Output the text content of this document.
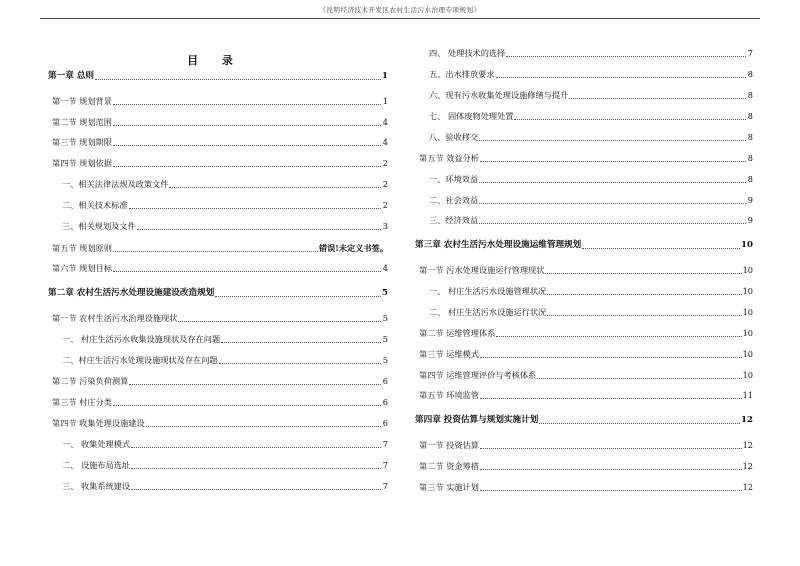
《昆明经济技术开发区农村生活污水治理专项规划》
目 录
第一章 总则	1
第一节 规划背景	1
第二节 规划范围	4
第三节 规划期限	4
第四节 规划依据	2
一、相关法律法规及政策文件	2
二、相关技术标准	2
三、相关规划及文件	3
第五节 规划原则	错误!未定义书签。
第六节 规划目标	4
第二章 农村生活污水处理设施建设改造规划	5
第一节 农村生活污水治理设施现状	5
一、 村庄生活污水收集设施现状及存在问题	5
二、村庄生活污水处理设施现状及存在问题	5
第二节 污染负荷测算	6
第三节 村庄分类	6
第四节 收集处理设施建设	6
一、 收集处理模式	7
二、 设施布局选址	7
三、 收集系统建设	7
四、 处理技术的选择	7
五、出水排放要求	8
六、现有污水收集处理设施修缮与提升	8
七、 固体废物处理处置	8
八、验收移交	8
第五节 效益分析	8
一、环境效益	8
二、社会效益	9
三、经济效益	9
第三章 农村生活污水处理设施运维管理规划	10
第一节 污水处理设施运行管理现状	10
一、 村庄生活污水设施管理状况	10
二、 村庄生活污水设施运行状况	10
第二节 运维管理体系	10
第三节 运维模式	10
第四节 运维管理评价与考核体系	10
第五节 环境监管	11
第四章 投资估算与规划实施计划	12
第一节 投资估算	12
第二节 资金筹措	12
第三节 实施计划	12
